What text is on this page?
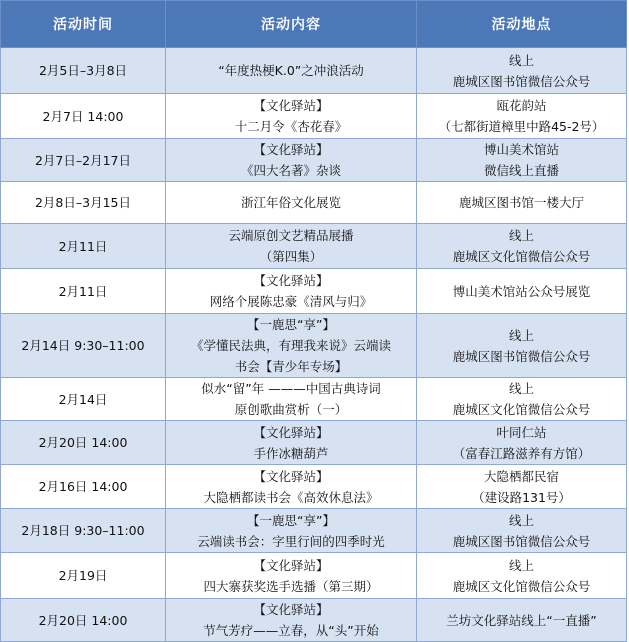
活动时间	活动内容	活动地点
2月5日–3月8日	“年度热梗K.0”之冲浪活动	线上
鹿城区图书馆微信公众号

2月7日 14:00	【文化驿站】
十二月令《杏花春》	瓯花韵站
（七都街道樟里中路45-2号）

2月7日–2月17日	【文化驿站】
《四大名著》杂谈	博山美术馆站
微信线上直播

2月8日–3月15日	浙江年俗文化展览	鹿城区图书馆一楼大厅

2月11日	云端原创文艺精品展播
（第四集）	线上
鹿城区文化馆微信公众号

2月11日	【文化驿站】
网络个展陈忠豪《清风与归》	博山美术馆站公众号展览

2月14日 9:30–11:00	【一鹿思“享”】
《学懂民法典，有理我来说》云端读
书会【青少年专场】	线上
鹿城区图书馆微信公众号

2月14日	似水“留”年 ———中国古典诗词
原创歌曲赏析（一）	线上
鹿城区文化馆微信公众号

2月20日 14:00	【文化驿站】
手作冰糖葫芦	叶同仁站
（富春江路滋养有方馆）

2月16日 14:00	【文化驿站】
大隐栖都读书会《高效休息法》	大隐栖都民宿
（建设路131号）

2月18日 9:30–11:00	【一鹿思“享”】
云端读书会：字里行间的四季时光	线上
鹿城区图书馆微信公众号

2月19日	【文化驿站】
四大寨获奖选手选播（第三期）	线上
鹿城区文化馆微信公众号

2月20日 14:00	【文化驿站】
节气芳疗——立春，从“头”开始	兰坊文化驿站线上“一直播”
